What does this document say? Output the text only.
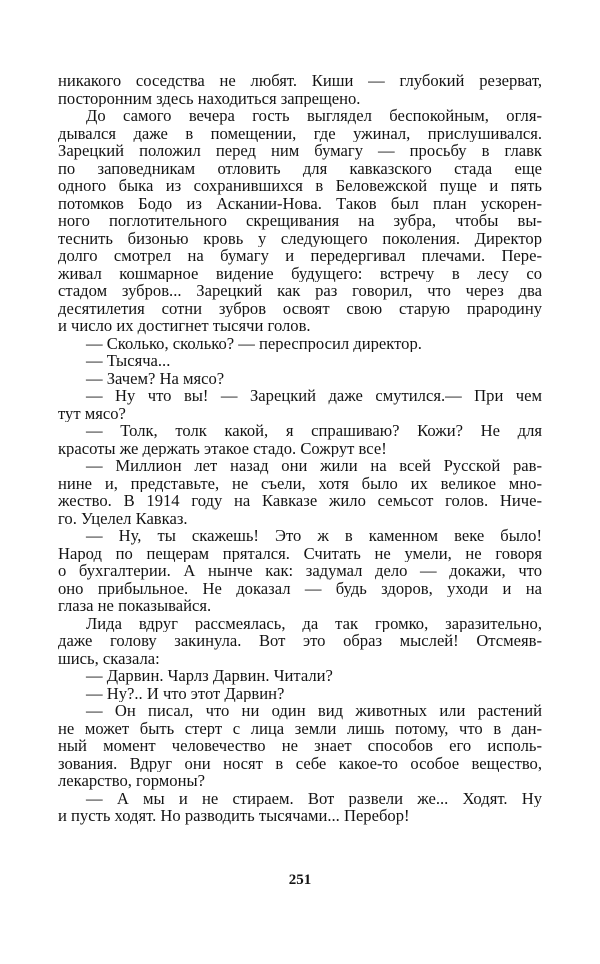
никакого соседства не любят. Киши — глубокий резерват,
посторонним здесь находиться запрещено.
До самого вечера гость выглядел беспокойным, огля-
дывался даже в помещении, где ужинал, прислушивался.
Зарецкий положил перед ним бумагу — просьбу в главк
по заповедникам отловить для кавказского стада еще
одного быка из сохранившихся в Беловежской пуще и пять
потомков Бодо из Аскании-Нова. Таков был план ускорен-
ного поглотительного скрещивания на зубра, чтобы вы-
теснить бизонью кровь у следующего поколения. Директор
долго смотрел на бумагу и передергивал плечами. Пере-
живал кошмарное видение будущего: встречу в лесу со
стадом зубров... Зарецкий как раз говорил, что через два
десятилетия сотни зубров освоят свою старую прародину
и число их достигнет тысячи голов.
— Сколько, сколько? — переспросил директор.
— Тысяча...
— Зачем? На мясо?
— Ну что вы! — Зарецкий даже смутился.— При чем
тут мясо?
— Толк, толк какой, я спрашиваю? Кожи? Не для
красоты же держать этакое стадо. Сожрут все!
— Миллион лет назад они жили на всей Русской рав-
нине и, представьте, не съели, хотя было их великое мно-
жество. В 1914 году на Кавказе жило семьсот голов. Ниче-
го. Уцелел Кавказ.
— Ну, ты скажешь! Это ж в каменном веке было!
Народ по пещерам прятался. Считать не умели, не говоря
о бухгалтерии. А нынче как: задумал дело — докажи, что
оно прибыльное. Не доказал — будь здоров, уходи и на
глаза не показывайся.
Лида вдруг рассмеялась, да так громко, заразительно,
даже голову закинула. Вот это образ мыслей! Отсмеяв-
шись, сказала:
— Дарвин. Чарлз Дарвин. Читали?
— Ну?.. И что этот Дарвин?
— Он писал, что ни один вид животных или растений
не может быть стерт с лица земли лишь потому, что в дан-
ный момент человечество не знает способов его исполь-
зования. Вдруг они носят в себе какое-то особое вещество,
лекарство, гормоны?
— А мы и не стираем. Вот развели же... Ходят. Ну
и пусть ходят. Но разводить тысячами... Перебор!
251
